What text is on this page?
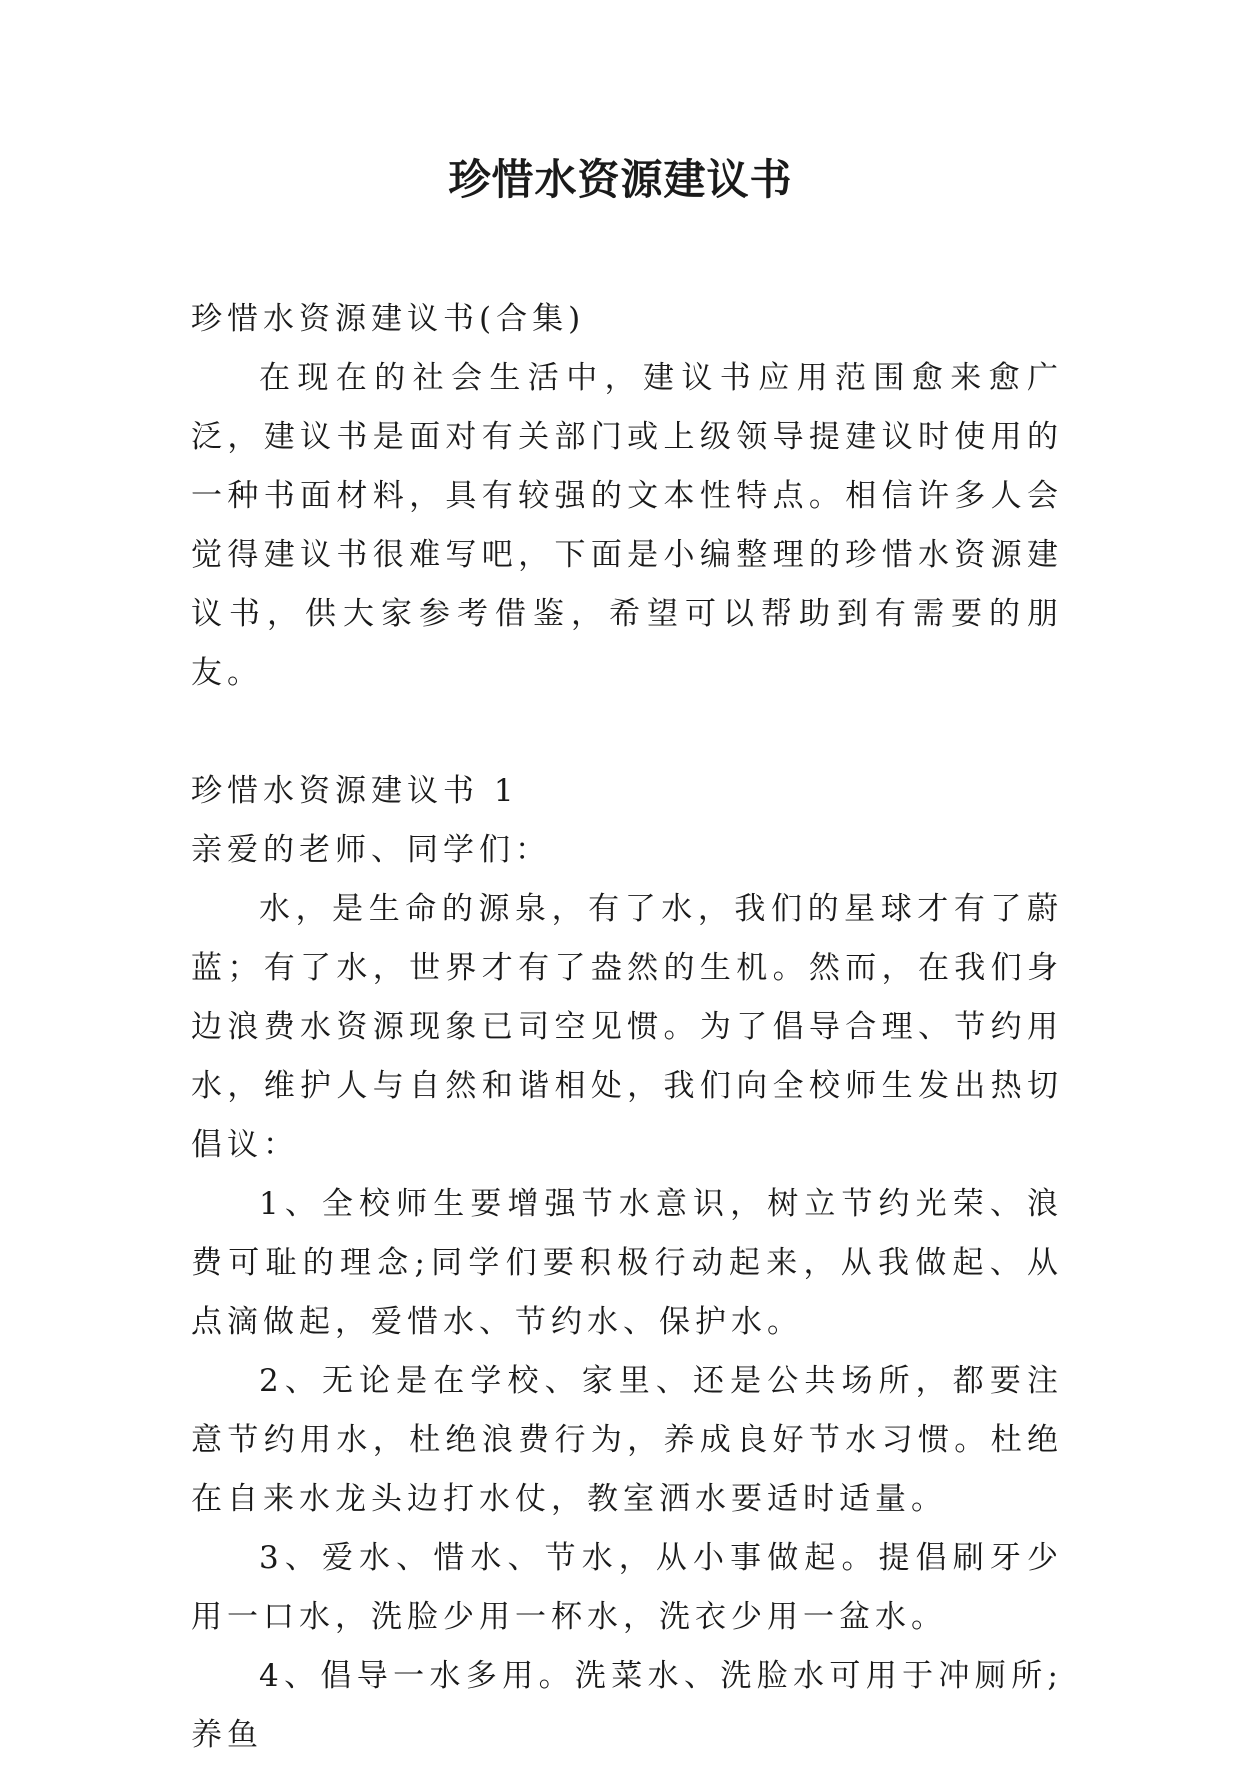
珍惜水资源建议书

珍惜水资源建议书(合集)

在现在的社会生活中，建议书应用范围愈来愈广泛，建议书是面对有关部门或上级领导提建议时使用的一种书面材料，具有较强的文本性特点。相信许多人会觉得建议书很难写吧，下面是小编整理的珍惜水资源建议书，供大家参考借鉴，希望可以帮助到有需要的朋友。

珍惜水资源建议书 1

亲爱的老师、同学们：

水，是生命的源泉，有了水，我们的星球才有了蔚蓝；有了水，世界才有了盎然的生机。然而，在我们身边浪费水资源现象已司空见惯。为了倡导合理、节约用水，维护人与自然和谐相处，我们向全校师生发出热切倡议：

1、全校师生要增强节水意识，树立节约光荣、浪费可耻的理念;同学们要积极行动起来，从我做起、从点滴做起，爱惜水、节约水、保护水。

2、无论是在学校、家里、还是公共场所，都要注意节约用水，杜绝浪费行为，养成良好节水习惯。杜绝在自来水龙头边打水仗，教室洒水要适时适量。

3、爱水、惜水、节水，从小事做起。提倡刷牙少用一口水，洗脸少用一杯水，洗衣少用一盆水。

4、倡导一水多用。洗菜水、洗脸水可用于冲厕所;养鱼
